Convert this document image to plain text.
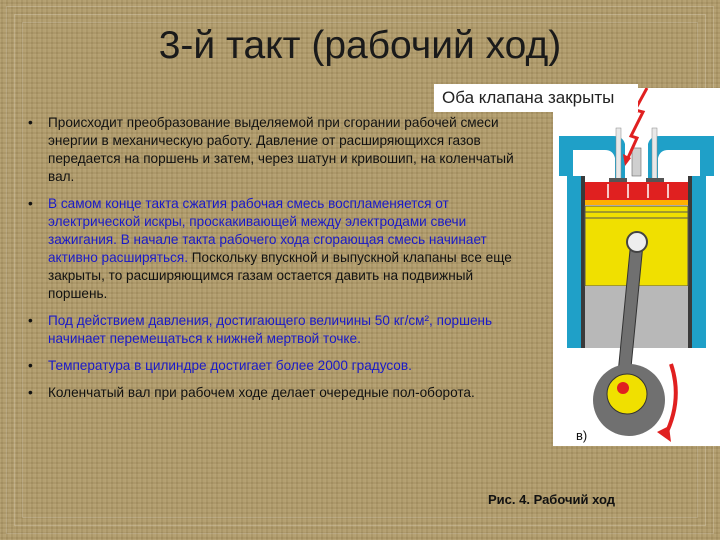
3-й такт (рабочий ход)
• Происходит преобразование выделяемой при сгорании рабочей смеси энергии в механическую работу. Давление от расширяющихся газов передается на поршень и затем, через шатун и кривошип, на коленчатый вал.
• В самом конце такта сжатия рабочая смесь воспламеняется от электрической искры, проскакивающей между электродами свечи зажигания. В начале такта рабочего хода сгорающая смесь начинает активно расширяться. Поскольку впускной и выпускной клапаны все еще закрыты, то расширяющимся газам остается давить на подвижный поршень.
• Под действием давления, достигающего величины 50 кг/см², поршень начинает перемещаться к нижней мертвой точке.
• Температура в цилиндре достигает более 2000 градусов.
• Коленчатый вал при рабочем ходе делает очередные пол-оборота.
Оба клапана закрыты
в)
Рис. 4. Рабочий ход
